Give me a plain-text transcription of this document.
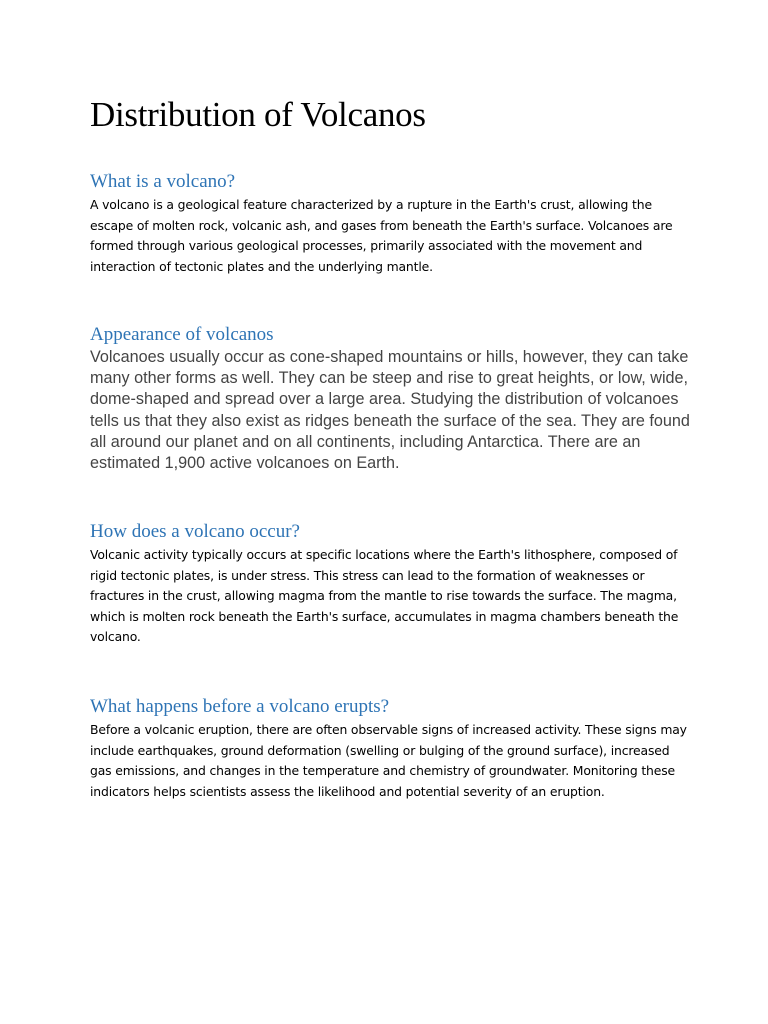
Distribution of Volcanos
What is a volcano?

A volcano is a geological feature characterized by a rupture in the Earth's crust, allowing the escape of molten rock, volcanic ash, and gases from beneath the Earth's surface. Volcanoes are formed through various geological processes, primarily associated with the movement and interaction of tectonic plates and the underlying mantle.

Appearance of volcanos

Volcanoes usually occur as cone-shaped mountains or hills, however, they can take many other forms as well. They can be steep and rise to great heights, or low, wide, dome-shaped and spread over a large area. Studying the distribution of volcanoes tells us that they also exist as ridges beneath the surface of the sea. They are found all around our planet and on all continents, including Antarctica. There are an estimated 1,900 active volcanoes on Earth.

How does a volcano occur?

Volcanic activity typically occurs at specific locations where the Earth's lithosphere, composed of rigid tectonic plates, is under stress. This stress can lead to the formation of weaknesses or fractures in the crust, allowing magma from the mantle to rise towards the surface. The magma, which is molten rock beneath the Earth's surface, accumulates in magma chambers beneath the volcano.

What happens before a volcano erupts?

Before a volcanic eruption, there are often observable signs of increased activity. These signs may include earthquakes, ground deformation (swelling or bulging of the ground surface), increased gas emissions, and changes in the temperature and chemistry of groundwater. Monitoring these indicators helps scientists assess the likelihood and potential severity of an eruption.
